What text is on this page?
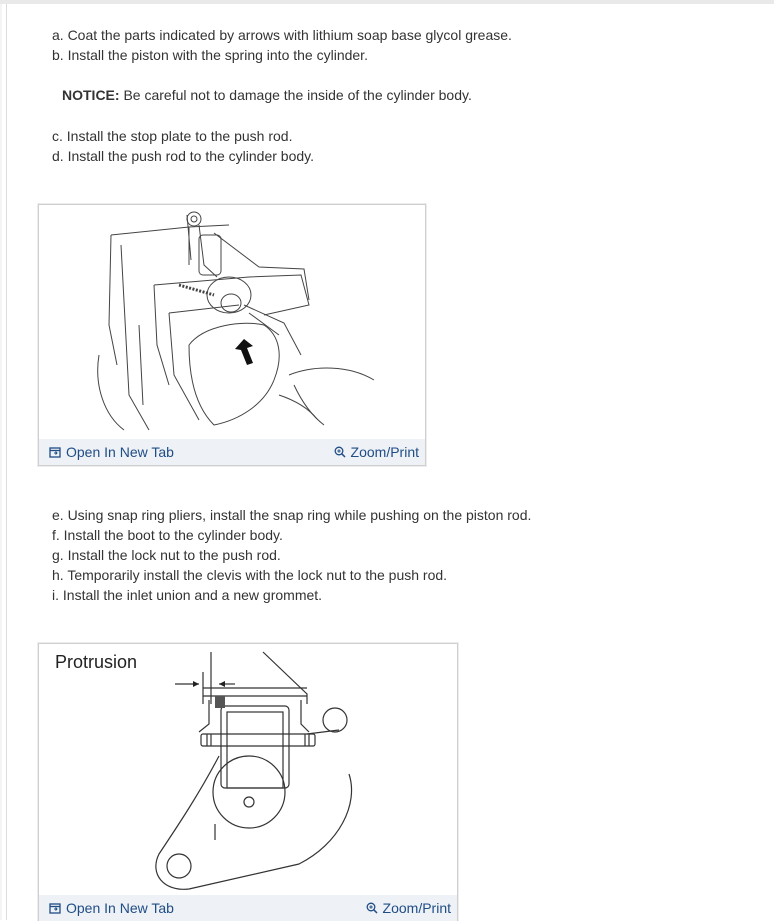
a. Coat the parts indicated by arrows with lithium soap base glycol grease.
b. Install the piston with the spring into the cylinder.
NOTICE: Be careful not to damage the inside of the cylinder body.
c. Install the stop plate to the push rod.
d. Install the push rod to the cylinder body.
Open In New Tab	Zoom/Print
e. Using snap ring pliers, install the snap ring while pushing on the piston rod.
f. Install the boot to the cylinder body.
g. Install the lock nut to the push rod.
h. Temporarily install the clevis with the lock nut to the push rod.
i. Install the inlet union and a new grommet.
Protrusion
Open In New Tab	Zoom/Print
